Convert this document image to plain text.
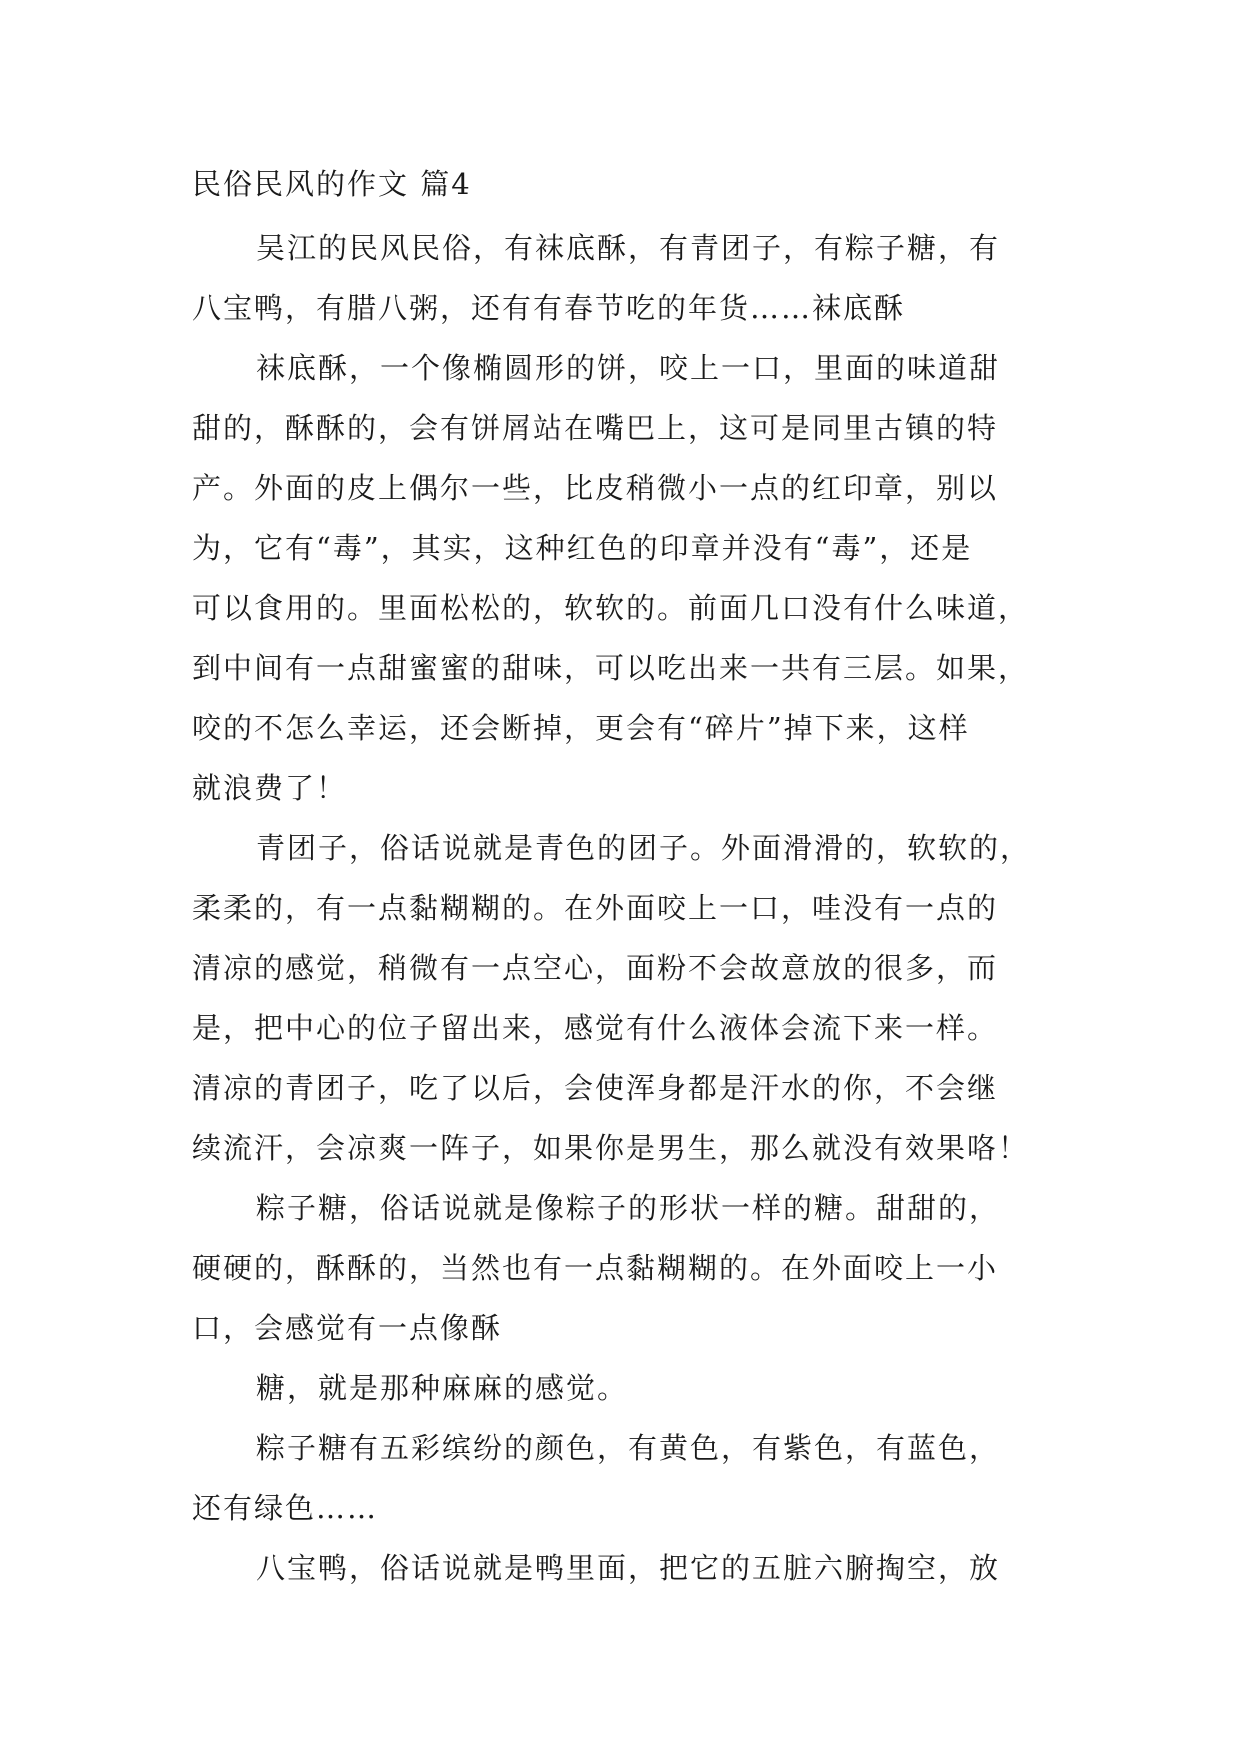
民俗民风的作文 篇4
吴江的民风民俗，有袜底酥，有青团子，有粽子糖，有
八宝鸭，有腊八粥，还有有春节吃的年货……袜底酥
袜底酥，一个像椭圆形的饼，咬上一口，里面的味道甜
甜的，酥酥的，会有饼屑站在嘴巴上，这可是同里古镇的特
产。外面的皮上偶尔一些，比皮稍微小一点的红印章，别以
为，它有“毒”，其实，这种红色的印章并没有“毒”，还是
可以食用的。里面松松的，软软的。前面几口没有什么味道，
到中间有一点甜蜜蜜的甜味，可以吃出来一共有三层。如果，
咬的不怎么幸运，还会断掉，更会有“碎片”掉下来，这样
就浪费了！
青团子，俗话说就是青色的团子。外面滑滑的，软软的，
柔柔的，有一点黏糊糊的。在外面咬上一口，哇没有一点的
清凉的感觉，稍微有一点空心，面粉不会故意放的很多，而
是，把中心的位子留出来，感觉有什么液体会流下来一样。
清凉的青团子，吃了以后，会使浑身都是汗水的你，不会继
续流汗，会凉爽一阵子，如果你是男生，那么就没有效果咯！
粽子糖，俗话说就是像粽子的形状一样的糖。甜甜的，
硬硬的，酥酥的，当然也有一点黏糊糊的。在外面咬上一小
口，会感觉有一点像酥
糖，就是那种麻麻的感觉。
粽子糖有五彩缤纷的颜色，有黄色，有紫色，有蓝色，
还有绿色……
八宝鸭，俗话说就是鸭里面，把它的五脏六腑掏空，放
